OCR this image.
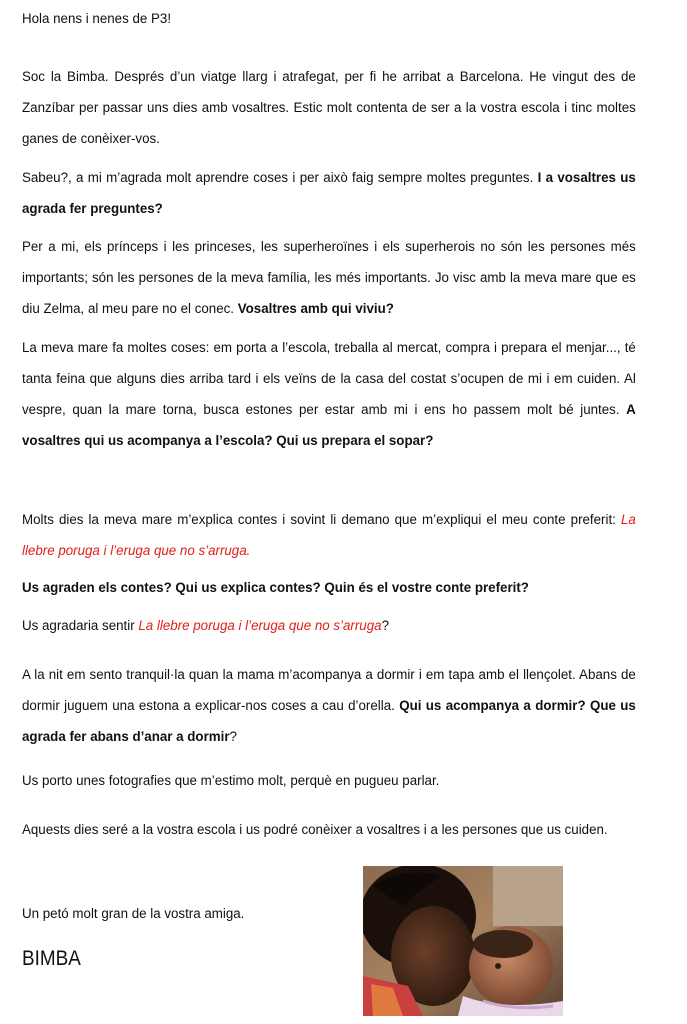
Hola nens i nenes de P3!

Soc la Bimba. Després d’un viatge llarg i atrafegat, per fi he arribat a Barcelona. He vingut des de Zanzíbar per passar uns dies amb vosaltres. Estic molt contenta de ser a la vostra escola i tinc moltes ganes de conèixer-vos.

Sabeu?, a mi m’agrada molt aprendre coses i per això faig sempre moltes preguntes. I a vosaltres us agrada fer preguntes?

Per a mi, els prínceps i les princeses, les superheroïnes i els superherois no són les persones més importants; són les persones de la meva família, les més importants. Jo visc amb la meva mare que es diu Zelma, al meu pare no el conec. Vosaltres amb qui viviu?

La meva mare fa moltes coses: em porta a l’escola, treballa al mercat, compra i prepara el menjar..., té tanta feina que alguns dies arriba tard i els veïns de la casa del costat s’ocupen de mi i em cuiden. Al vespre, quan la mare torna, busca estones per estar amb mi i ens ho passem molt bé juntes. A vosaltres qui us acompanya a l’escola? Qui us prepara el sopar?

Molts dies la meva mare m’explica contes i sovint li demano que m’expliqui el meu conte preferit: La llebre poruga i l’eruga que no s’arruga.

Us agraden els contes? Qui us explica contes? Quin és el vostre conte preferit?

Us agradaria sentir La llebre poruga i l’eruga que no s’arruga?

A la nit em sento tranquil·la quan la mama m’acompanya a dormir i em tapa amb el llençolet. Abans de dormir juguem una estona a explicar-nos coses a cau d’orella. Qui us acompanya a dormir? Que us agrada fer abans d’anar a dormir?

Us porto unes fotografies que m’estimo molt, perquè en pugueu parlar.

Aquests dies seré a la vostra escola i us podré conèixer a vosaltres i a les persones que us cuiden.

Un petó molt gran de la vostra amiga.

BIMBA
